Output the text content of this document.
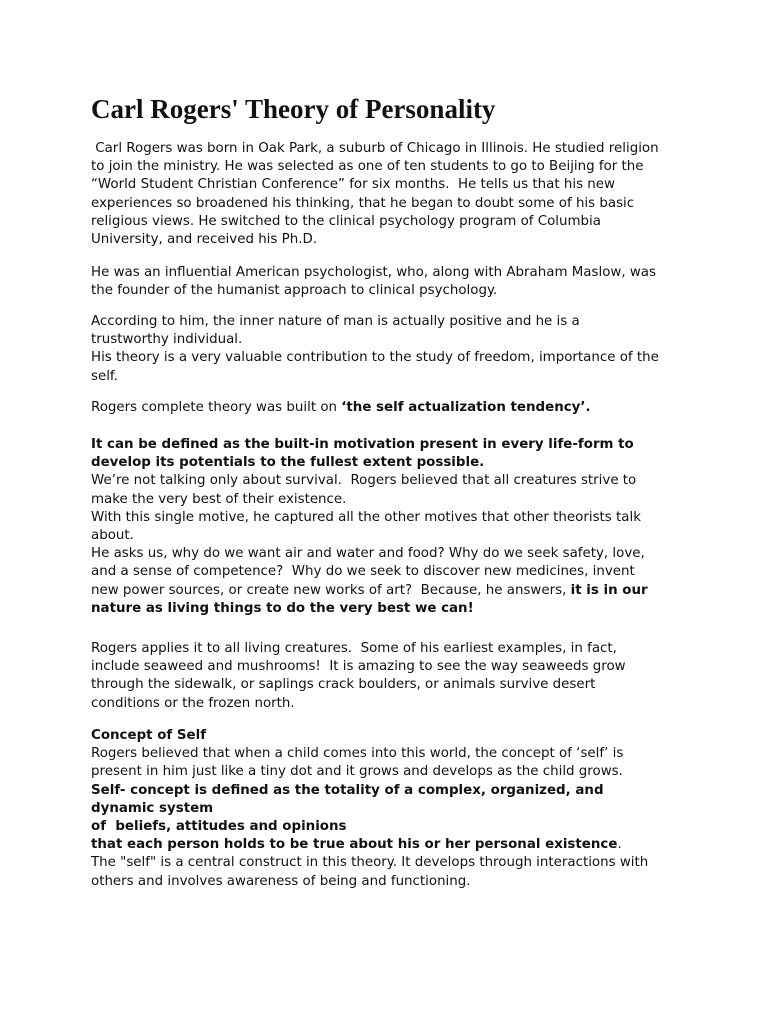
Carl Rogers' Theory of Personality
Carl Rogers was born in Oak Park, a suburb of Chicago in Illinois. He studied religion
to join the ministry. He was selected as one of ten students to go to Beijing for the
“World Student Christian Conference” for six months.  He tells us that his new
experiences so broadened his thinking, that he began to doubt some of his basic
religious views. He switched to the clinical psychology program of Columbia
University, and received his Ph.D.
He was an influential American psychologist, who, along with Abraham Maslow, was
the founder of the humanist approach to clinical psychology.
According to him, the inner nature of man is actually positive and he is a
trustworthy individual.
His theory is a very valuable contribution to the study of freedom, importance of the
self.
Rogers complete theory was built on ‘the self actualization tendency’.
It can be defined as the built-in motivation present in every life-form to
develop its potentials to the fullest extent possible.
We’re not talking only about survival.  Rogers believed that all creatures strive to
make the very best of their existence.
With this single motive, he captured all the other motives that other theorists talk
about.
He asks us, why do we want air and water and food? Why do we seek safety, love,
and a sense of competence?  Why do we seek to discover new medicines, invent
new power sources, or create new works of art?  Because, he answers, it is in our
nature as living things to do the very best we can!
Rogers applies it to all living creatures.  Some of his earliest examples, in fact,
include seaweed and mushrooms!  It is amazing to see the way seaweeds grow
through the sidewalk, or saplings crack boulders, or animals survive desert
conditions or the frozen north.
Concept of Self
Rogers believed that when a child comes into this world, the concept of ‘self’ is
present in him just like a tiny dot and it grows and develops as the child grows.
Self- concept is defined as the totality of a complex, organized, and
dynamic system
of  beliefs, attitudes and opinions
that each person holds to be true about his or her personal existence.
The "self" is a central construct in this theory. It develops through interactions with
others and involves awareness of being and functioning.
